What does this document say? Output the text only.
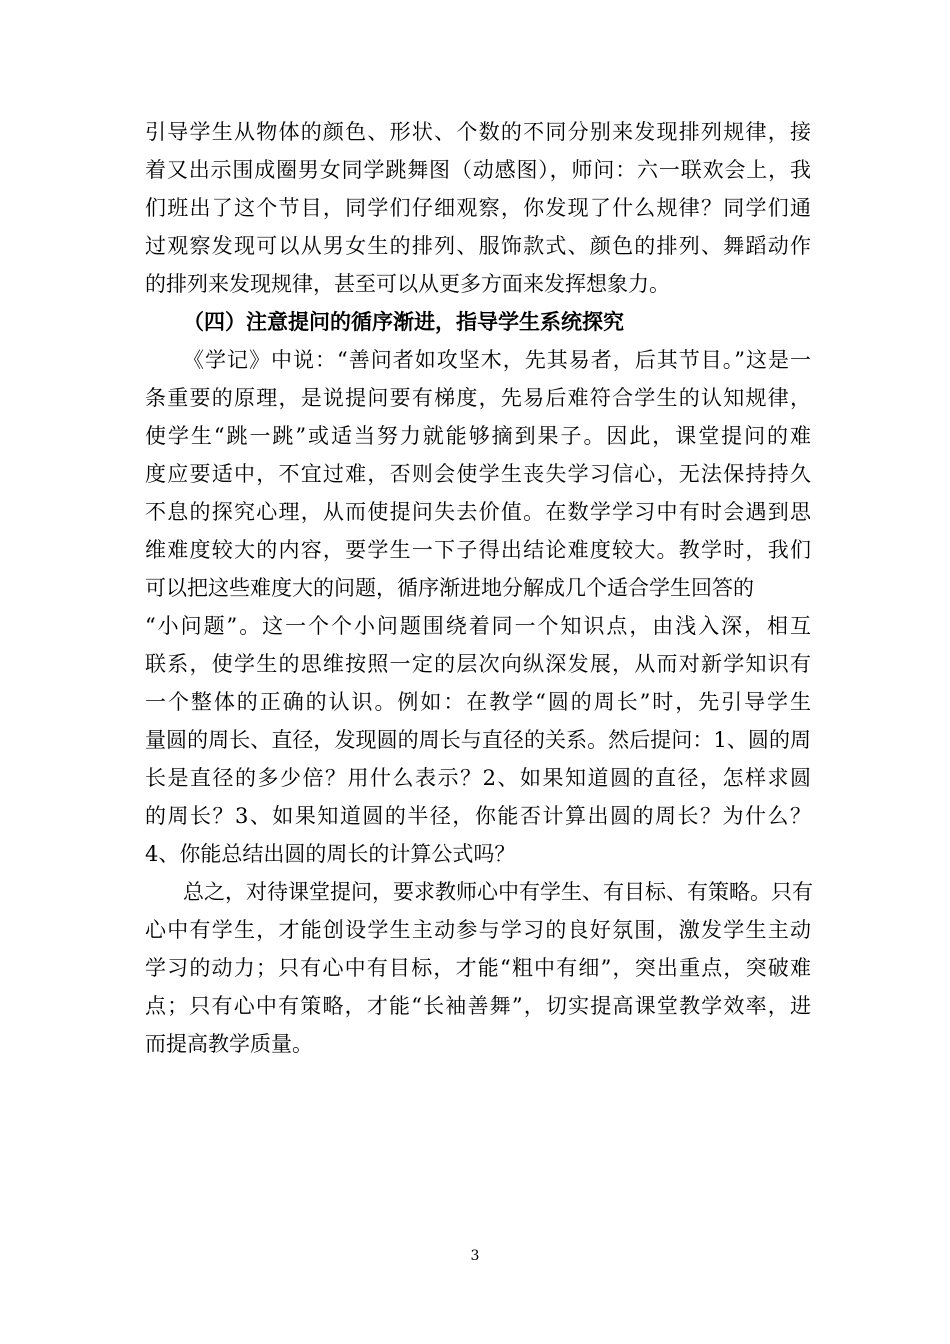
引导学生从物体的颜色、形状、个数的不同分别来发现排列规律，接
着又出示围成圈男女同学跳舞图（动感图），师问：六一联欢会上，我
们班出了这个节目，同学们仔细观察，你发现了什么规律？同学们通
过观察发现可以从男女生的排列、服饰款式、颜色的排列、舞蹈动作
的排列来发现规律，甚至可以从更多方面来发挥想象力。
（四）注意提问的循序渐进，指导学生系统探究
《学记》中说：“善问者如攻坚木，先其易者，后其节目。”这是一
条重要的原理，是说提问要有梯度，先易后难符合学生的认知规律，
使学生“跳一跳”或适当努力就能够摘到果子。因此，课堂提问的难
度应要适中，不宜过难，否则会使学生丧失学习信心，无法保持持久
不息的探究心理，从而使提问失去价值。在数学学习中有时会遇到思
维难度较大的内容，要学生一下子得出结论难度较大。教学时，我们
可以把这些难度大的问题，循序渐进地分解成几个适合学生回答的
“小问题”。这一个个小问题围绕着同一个知识点，由浅入深，相互
联系，使学生的思维按照一定的层次向纵深发展，从而对新学知识有
一个整体的正确的认识。例如：在教学“圆的周长”时，先引导学生
量圆的周长、直径，发现圆的周长与直径的关系。然后提问：1、圆的周
长是直径的多少倍？用什么表示？2、如果知道圆的直径，怎样求圆
的周长？3、如果知道圆的半径，你能否计算出圆的周长？为什么？
4、你能总结出圆的周长的计算公式吗？
总之，对待课堂提问，要求教师心中有学生、有目标、有策略。只有
心中有学生，才能创设学生主动参与学习的良好氛围，激发学生主动
学习的动力；只有心中有目标，才能“粗中有细”，突出重点，突破难
点；只有心中有策略，才能“长袖善舞”，切实提高课堂教学效率，进
而提高教学质量。
3
